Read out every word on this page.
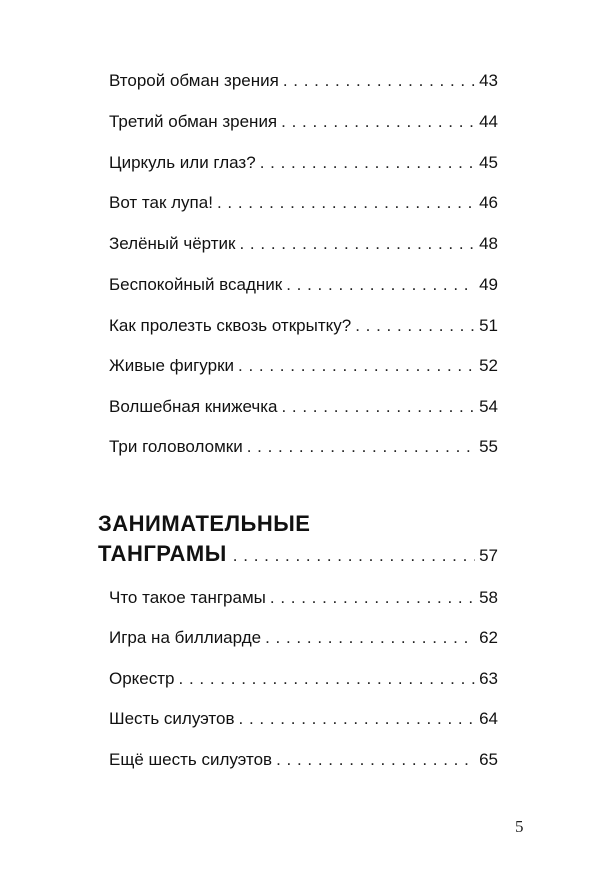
Второй обман зрения . . .	43
Третий обман зрения . . .	44
Циркуль или глаз? . . .	45
Вот так лупа! . . .	46
Зелёный чёртик . . .	48
Беспокойный всадник . . .	49
Как пролезть сквозь открытку? . . .	51
Живые фигурки . . .	52
Волшебная книжечка . . .	54
Три головоломки . . .	55
ЗАНИМАТЕЛЬНЫЕ
ТАНГРАМЫ . . .	57
Что такое танграмы . . .	58
Игра на биллиарде . . .	62
Оркестр . . .	63
Шесть силуэтов . . .	64
Ещё шесть силуэтов . . .	65
5
